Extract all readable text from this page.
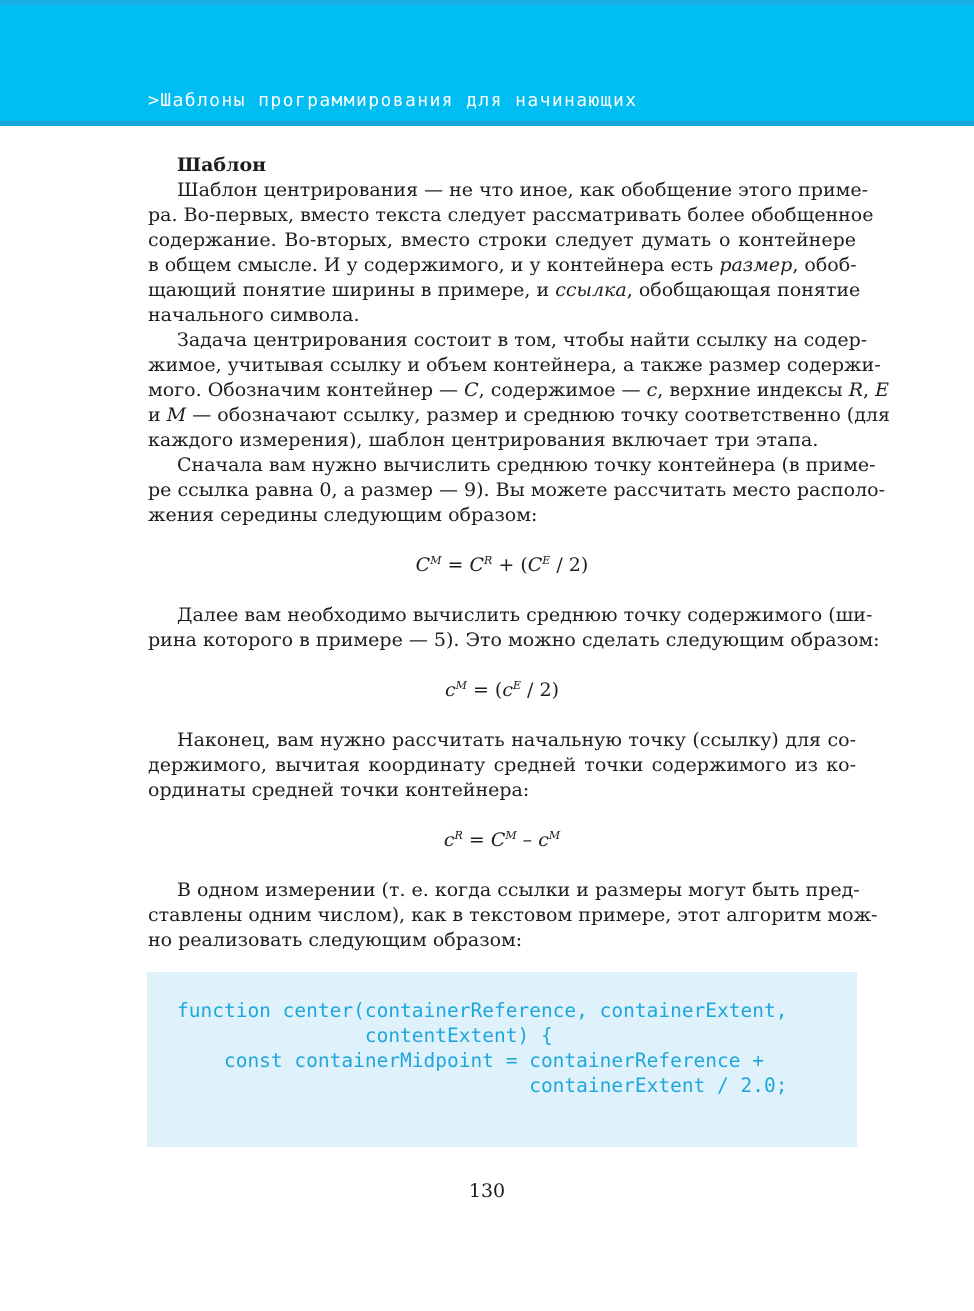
>Шаблоны программирования для начинающих
Шаблон
Шаблон центрирования — не что иное, как обобщение этого приме-
ра. Во-первых, вместо текста следует рассматривать более обобщенное
содержание. Во-вторых, вместо строки следует думать о контейнере
в общем смысле. И у содержимого, и у контейнера есть размер, обоб-
щающий понятие ширины в примере, и ссылка, обобщающая понятие
начального символа.
Задача центрирования состоит в том, чтобы найти ссылку на содер-
жимое, учитывая ссылку и объем контейнера, а также размер содержи-
мого. Обозначим контейнер — C, содержимое — c, верхние индексы R, E
и M — обозначают ссылку, размер и среднюю точку соответственно (для
каждого измерения), шаблон центрирования включает три этапа.
Сначала вам нужно вычислить среднюю точку контейнера (в приме-
ре ссылка равна 0, а размер — 9). Вы можете рассчитать место располо-
жения середины следующим образом:
$C^M = C^R + (C^E / 2)$
Далее вам необходимо вычислить среднюю точку содержимого (ши-
рина которого в примере — 5). Это можно сделать следующим образом:
$c^M = (c^E / 2)$
Наконец, вам нужно рассчитать начальную точку (ссылку) для со-
держимого, вычитая координату средней точки содержимого из ко-
ординаты средней точки контейнера:
$c^R = C^M - c^M$
В одном измерении (т. е. когда ссылки и размеры могут быть пред-
ставлены одним числом), как в текстовом примере, этот алгоритм мож-
но реализовать следующим образом:
function center(containerReference, containerExtent,
contentExtent) {
const containerMidpoint = containerReference +
containerExtent / 2.0;
130
